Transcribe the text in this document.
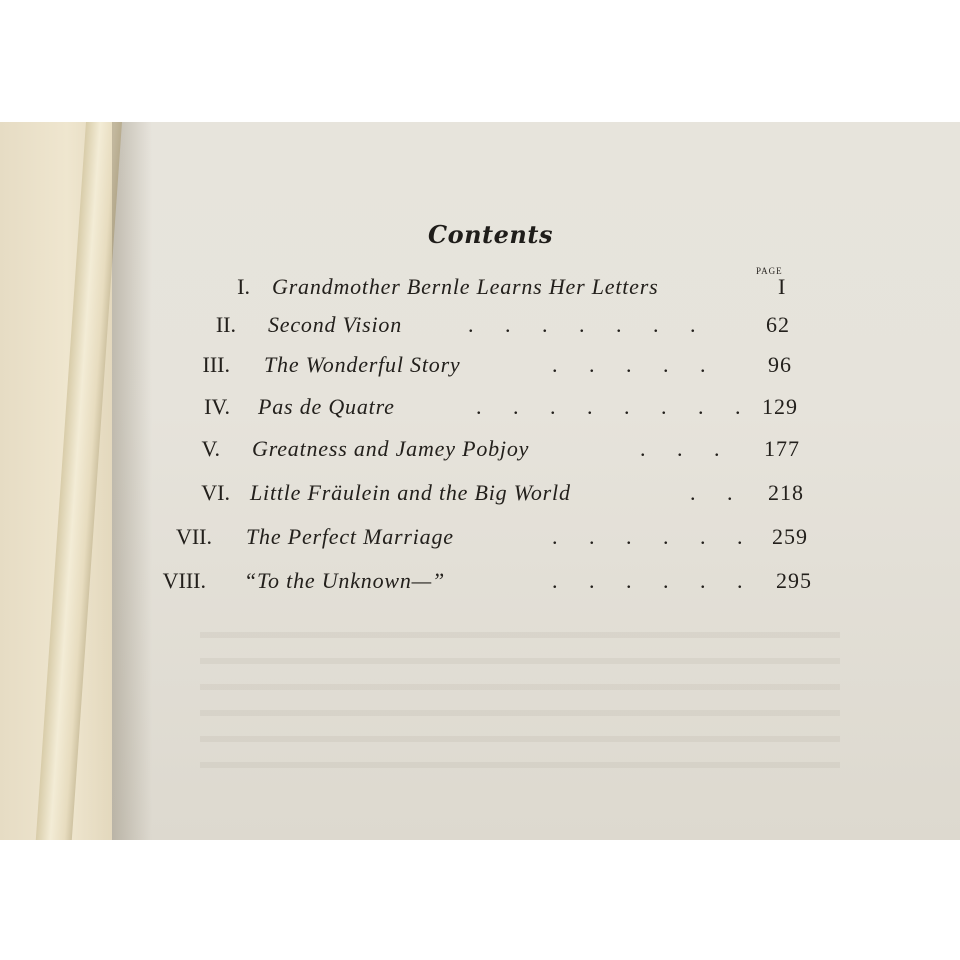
Contents
PAGE
I. Grandmother Bernle Learns Her Letters	I
II. Second Vision	. . . . . . .	62
III. The Wonderful Story	. . . . . 96
IV. Pas de Quatre	. . . . . . . . 129
V. Greatness and Jamey Pobjoy	. . . 177
VI. Little Fräulein and the Big World	. . 218
VII. The Perfect Marriage	. . . . . . 259
VIII. “To the Unknown—”	. . . . . . 295
